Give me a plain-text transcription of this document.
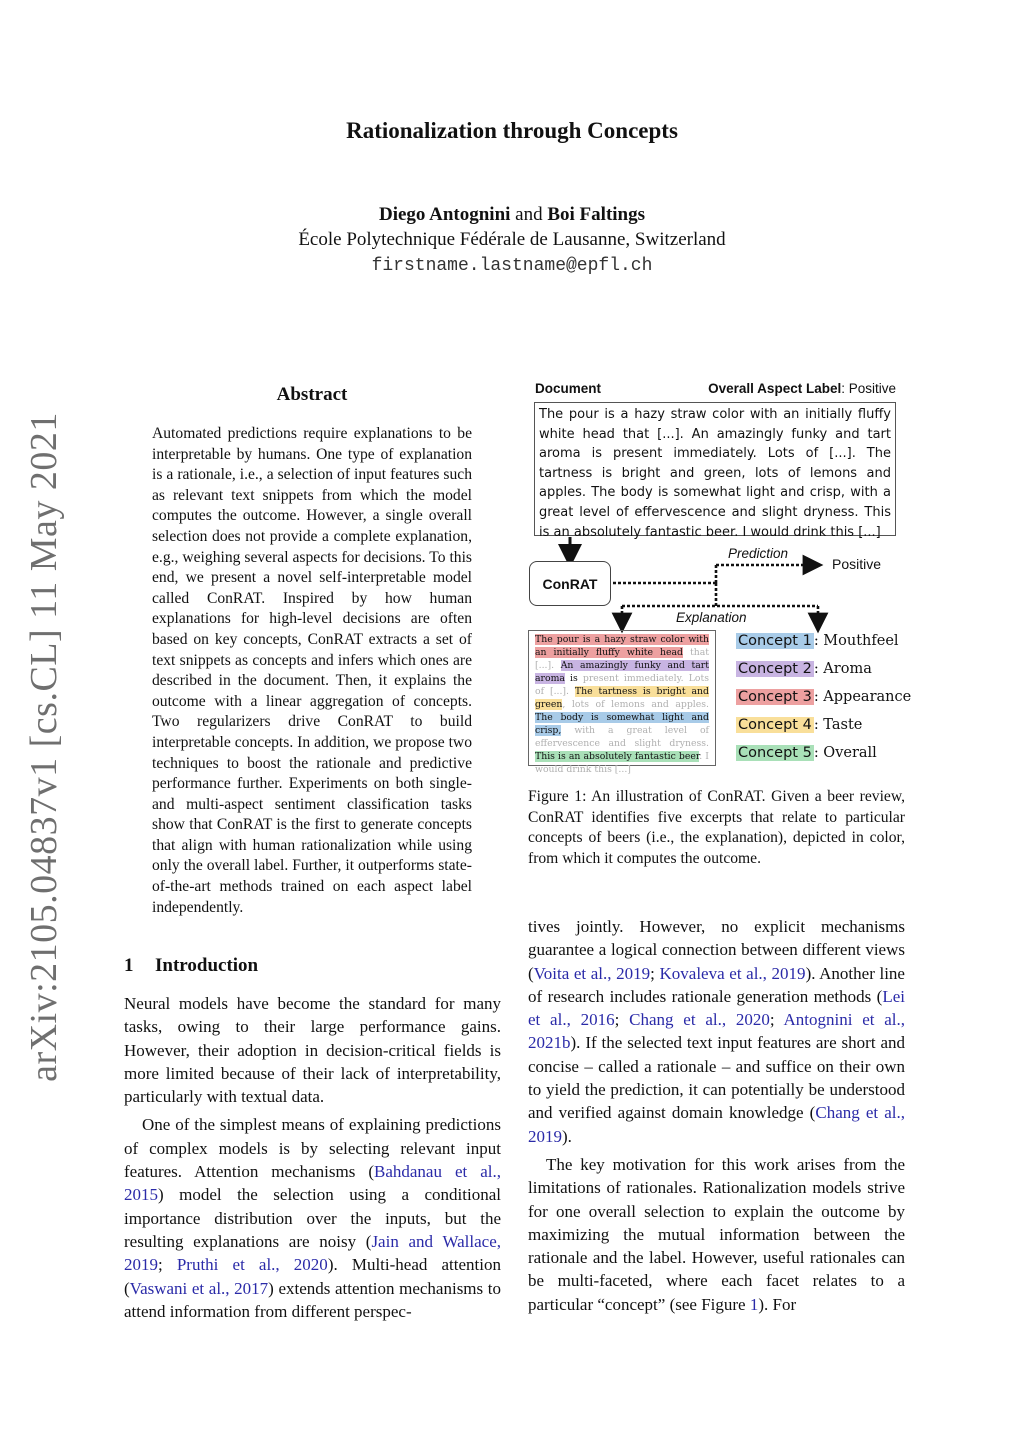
arXiv:2105.04837v1 [cs.CL] 11 May 2021
Rationalization through Concepts
Diego Antognini and Boi Faltings
École Polytechnique Fédérale de Lausanne, Switzerland
firstname.lastname@epfl.ch
Abstract
Automated predictions require explanations to be interpretable by humans. One type of explanation is a rationale, i.e., a selection of input features such as relevant text snippets from which the model computes the outcome. However, a single overall selection does not provide a complete explanation, e.g., weighing several aspects for decisions. To this end, we present a novel self-interpretable model called ConRAT. Inspired by how human explanations for high-level decisions are often based on key concepts, ConRAT extracts a set of text snippets as concepts and infers which ones are described in the document. Then, it explains the outcome with a linear aggregation of concepts. Two regularizers drive ConRAT to build interpretable concepts. In addition, we propose two techniques to boost the rationale and predictive performance further. Experiments on both single- and multi-aspect sentiment classification tasks show that ConRAT is the first to generate concepts that align with human rationalization while using only the overall label. Further, it outperforms state-of-the-art methods trained on each aspect label independently.
1 Introduction

Neural models have become the standard for many tasks, owing to their large performance gains. However, their adoption in decision-critical fields is more limited because of their lack of interpretability, particularly with textual data.

One of the simplest means of explaining predictions of complex models is by selecting relevant input features. Attention mechanisms (Bahdanau et al., 2015) model the selection using a conditional importance distribution over the inputs, but the resulting explanations are noisy (Jain and Wallace, 2019; Pruthi et al., 2020). Multi-head attention (Vaswani et al., 2017) extends attention mechanisms to attend information from different perspec-

tives jointly. However, no explicit mechanisms guarantee a logical connection between different views (Voita et al., 2019; Kovaleva et al., 2019). Another line of research includes rationale generation methods (Lei et al., 2016; Chang et al., 2020; Antognini et al., 2021b). If the selected text input features are short and concise – called a rationale – and suffice on their own to yield the prediction, it can potentially be understood and verified against domain knowledge (Chang et al., 2019).

The key motivation for this work arises from the limitations of rationales. Rationalization models strive for one overall selection to explain the outcome by maximizing the mutual information between the rationale and the label. However, useful rationales can be multi-faceted, where each facet relates to a particular “concept” (see Figure 1). For

Document	Overall Aspect Label: Positive
The pour is a hazy straw color with an initially fluffy white head that [...]. An amazingly funky and tart aroma is present immediately. Lots of [...]. The tartness is bright and green, lots of lemons and apples. The body is somewhat light and crisp, with a great level of effervescence and slight dryness. This is an absolutely fantastic beer. I would drink this [...]
ConRAT
Prediction
Positive
Explanation
The pour is a hazy straw color with an initially fluffy white head that [...]. An amazingly funky and tart aroma is present immediately. Lots of [...]. The tartness is bright and green, lots of lemons and apples. The body is somewhat light and crisp, with a great level of effervescence and slight dryness. This is an absolutely fantastic beer. I would drink this [...]
Concept 1 : Mouthfeel
Concept 2 : Aroma
Concept 3 : Appearance
Concept 4 : Taste
Concept 5 : Overall
Figure 1: An illustration of ConRAT. Given a beer review, ConRAT identifies five excerpts that relate to particular concepts of beers (i.e., the explanation), depicted in color, from which it computes the outcome.
